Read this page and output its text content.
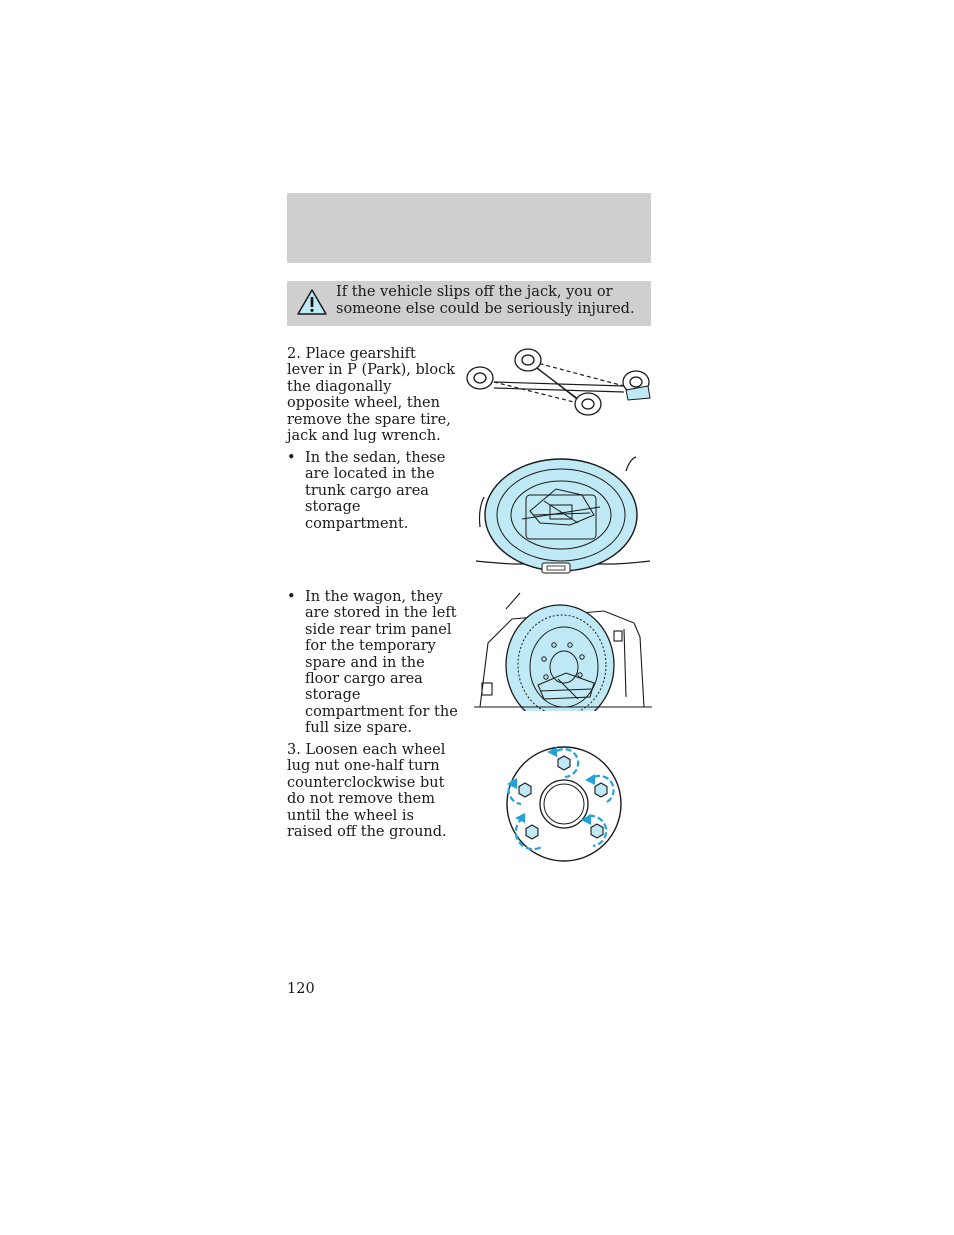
If the vehicle slips off the jack, you or someone else could be seriously injured.
2. Place gearshift lever in P (Park), block the diagonally opposite wheel, then remove the spare tire, jack and lug wrench.
• In the sedan, these are located in the trunk cargo area storage compartment.
• In the wagon, they are stored in the left side rear trim panel for the temporary spare and in the floor cargo area storage compartment for the full size spare.
3. Loosen each wheel lug nut one-half turn counterclockwise but do not remove them until the wheel is raised off the ground.
120
